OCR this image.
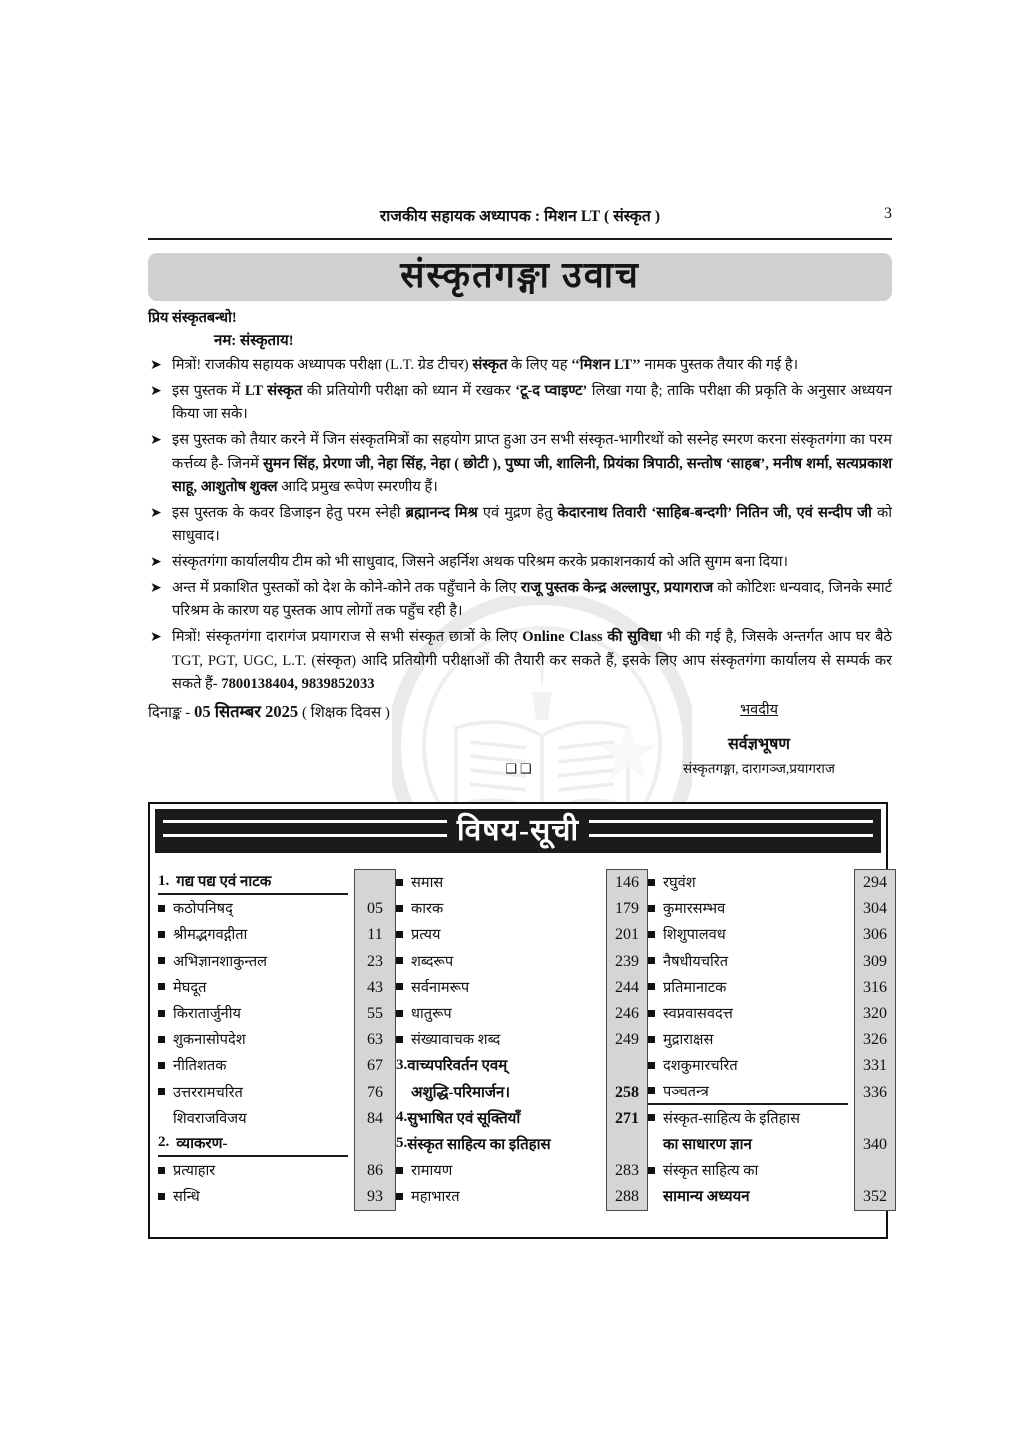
राजकीय सहायक अध्यापक : मिशन LT ( संस्कृत )	3
संस्कृतगङ्गा उवाच
प्रिय संस्कृतबन्धो!
नम: संस्कृताय!
➤ मित्रों! राजकीय सहायक अध्यापक परीक्षा (L.T. ग्रेड टीचर) संस्कृत के लिए यह ‘‘मिशन LT’’ नामक पुस्तक तैयार की गई है।
➤ इस पुस्तक में LT संस्कृत की प्रतियोगी परीक्षा को ध्यान में रखकर ‘टू-द प्वाइण्ट’ लिखा गया है; ताकि परीक्षा की प्रकृति के अनुसार अध्ययन किया जा सके।
➤ इस पुस्तक को तैयार करने में जिन संस्कृतमित्रों का सहयोग प्राप्त हुआ उन सभी संस्कृत-भागीरथों को सस्नेह स्मरण करना संस्कृतगंगा का परम कर्त्तव्य है- जिनमें सुमन सिंह, प्रेरणा जी, नेहा सिंह, नेहा ( छोटी ), पुष्पा जी, शालिनी, प्रियंका त्रिपाठी, सन्तोष ‘साहब’, मनीष शर्मा, सत्यप्रकाश साहू, आशुतोष शुक्ल आदि प्रमुख रूपेण स्मरणीय हैं।
➤ इस पुस्तक के कवर डिजाइन हेतु परम स्नेही ब्रह्मानन्द मिश्र एवं मुद्रण हेतु केदारनाथ तिवारी ‘साहिब-बन्दगी’ नितिन जी, एवं सन्दीप जी को साधुवाद।
➤ संस्कृतगंगा कार्यालयीय टीम को भी साधुवाद, जिसने अहर्निश अथक परिश्रम करके प्रकाशनकार्य को अति सुगम बना दिया।
➤ अन्त में प्रकाशित पुस्तकों को देश के कोने-कोने तक पहुँचाने के लिए राजू पुस्तक केन्द्र अल्लापुर, प्रयागराज को कोटिशः धन्यवाद, जिनके स्मार्ट परिश्रम के कारण यह पुस्तक आप लोगों तक पहुँच रही है।
➤ मित्रों! संस्कृतगंगा दारागंज प्रयागराज से सभी संस्कृत छात्रों के लिए Online Class की सुविधा भी की गई है, जिसके अन्तर्गत आप घर बैठे TGT, PGT, UGC, L.T. (संस्कृत) आदि प्रतियोगी परीक्षाओं की तैयारी कर सकते हैं, इसके लिए आप संस्कृतगंगा कार्यालय से सम्पर्क कर सकते हैं- 7800138404, 9839852033
दिनाङ्क - 05 सितम्बर 2025 ( शिक्षक दिवस )	भवदीय
सर्वज्ञभूषण
संस्कृतगङ्गा, दारागञ्ज,प्रयागराज
❑❑
विषय-सूची
1. गद्य पद्य एवं नाटक
कठोपनिषद्
श्रीमद्भगवद्गीता
अभिज्ञानशाकुन्तल
मेघदूत
किरातार्जुनीय
शुकनासोपदेश
नीतिशतक
उत्तररामचरित
शिवराजविजय
2. व्याकरण-
प्रत्याहार
सन्धि
05
11
23
43
55
63
67
76
84
86
93
समास
कारक
प्रत्यय
शब्दरूप
सर्वनामरूप
धातुरूप
संख्यावाचक शब्द
3. वाच्यपरिवर्तन एवम्
अशुद्धि-परिमार्जन।
4. सुभाषित एवं सूक्तियाँ
5. संस्कृत साहित्य का इतिहास
रामायण
महाभारत
146
179
201
239
244
246
249
258
271
283
288
रघुवंश
कुमारसम्भव
शिशुपालवध
नैषधीयचरित
प्रतिमानाटक
स्वप्नवासवदत्त
मुद्राराक्षस
दशकुमारचरित
पञ्चतन्त्र
संस्कृत-साहित्य के इतिहास
का साधारण ज्ञान
संस्कृत साहित्य का
सामान्य अध्ययन
294
304
306
309
316
320
326
331
336
340
352
